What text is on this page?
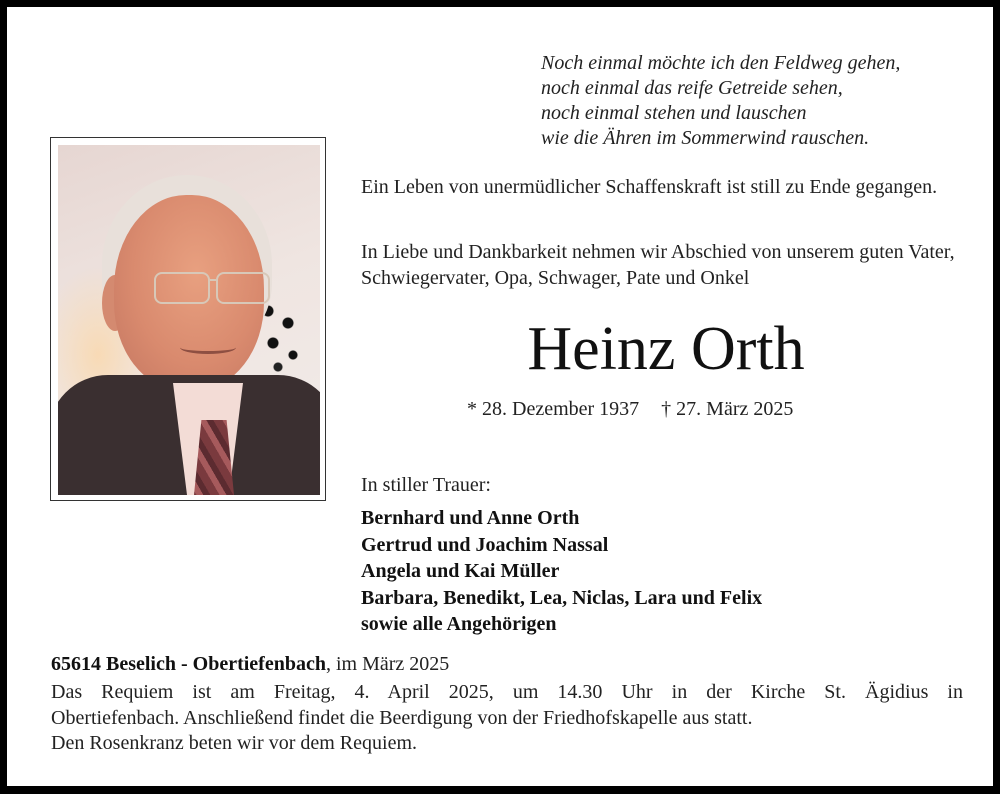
Noch einmal möchte ich den Feldweg gehen,
noch einmal das reife Getreide sehen,
noch einmal stehen und lauschen
wie die Ähren im Sommerwind rauschen.
Ein Leben von unermüdlicher Schaffenskraft ist still zu Ende gegangen.
In Liebe und Dankbarkeit nehmen wir Abschied von unserem guten Vater, Schwiegervater, Opa, Schwager, Pate und Onkel
Heinz Orth
* 28. Dezember 1937 † 27. März 2025
In stiller Trauer:
Bernhard und Anne Orth
Gertrud und Joachim Nassal
Angela und Kai Müller
Barbara, Benedikt, Lea, Niclas, Lara und Felix
sowie alle Angehörigen
65614 Beselich - Obertiefenbach, im März 2025
Das Requiem ist am Freitag, 4. April 2025, um 14.30 Uhr in der Kirche St. Ägidius in
Obertiefenbach. Anschließend findet die Beerdigung von der Friedhofskapelle aus statt.
Den Rosenkranz beten wir vor dem Requiem.
